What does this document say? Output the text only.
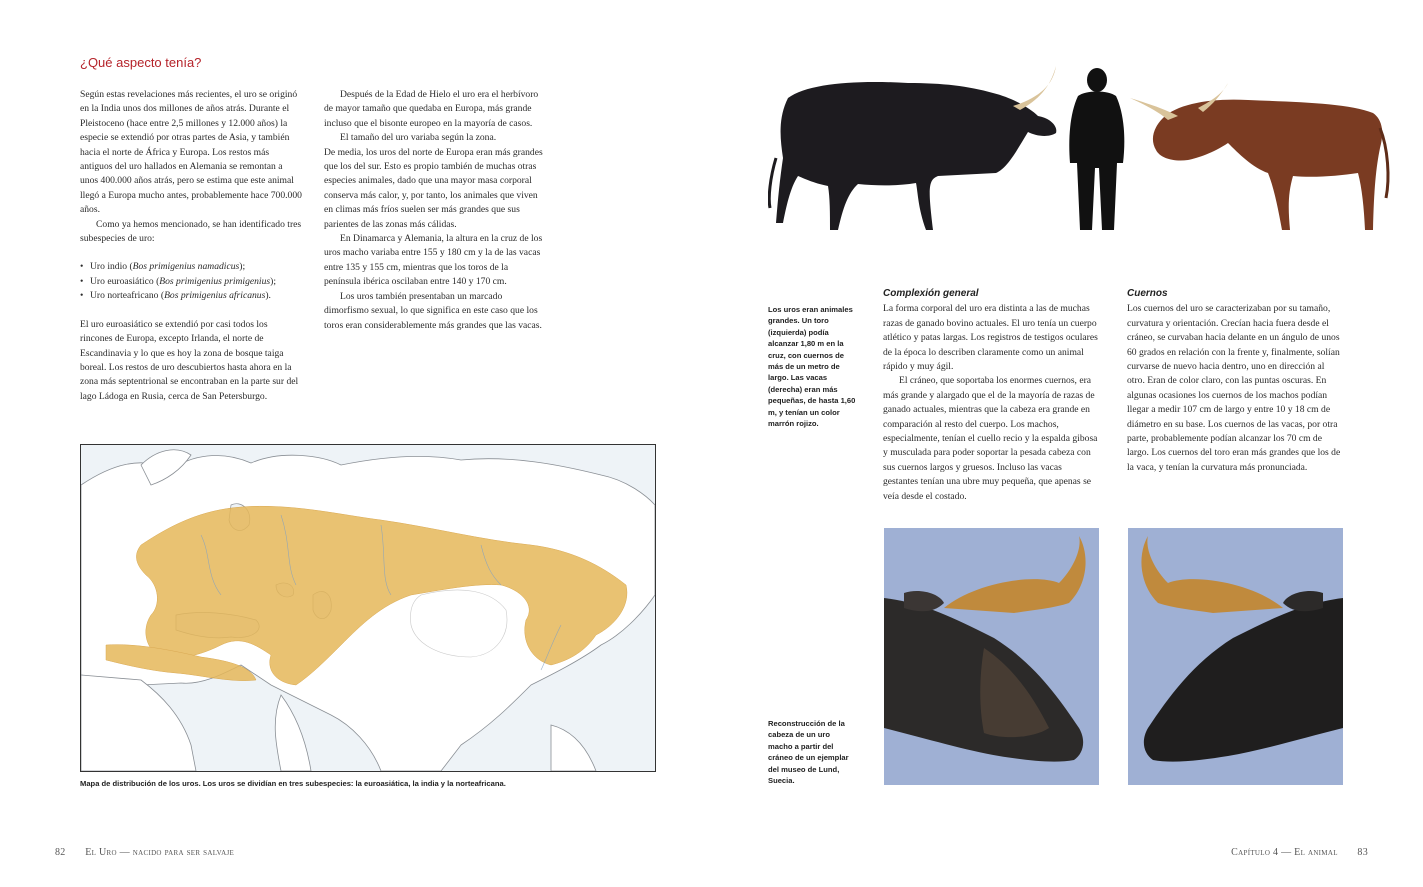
¿Qué aspecto tenía?

Según estas revelaciones más recientes, el uro se originó en la India unos dos millones de años atrás. Durante el Pleistoceno (hace entre 2,5 millones y 12.000 años) la especie se extendió por otras partes de Asia, y también hacia el norte de África y Europa. Los restos más antiguos del uro hallados en Alemania se remontan a unos 400.000 años atrás, pero se estima que este animal llegó a Europa mucho antes, probablemente hace 700.000 años.

Como ya hemos mencionado, se han identificado tres subespecies de uro:

• Uro indio (Bos primigenius namadicus);
• Uro euroasiático (Bos primigenius primigenius);
• Uro norteafricano (Bos primigenius africanus).

El uro euroasiático se extendió por casi todos los rincones de Europa, excepto Irlanda, el norte de Escandinavia y lo que es hoy la zona de bosque taiga boreal. Los restos de uro descubiertos hasta ahora en la zona más septentrional se encontraban en la parte sur del lago Ládoga en Rusia, cerca de San Petersburgo.

Después de la Edad de Hielo el uro era el herbívoro de mayor tamaño que quedaba en Europa, más grande incluso que el bisonte europeo en la mayoría de casos.

El tamaño del uro variaba según la zona.

De media, los uros del norte de Europa eran más grandes que los del sur. Esto es propio también de muchas otras especies animales, dado que una mayor masa corporal conserva más calor, y, por tanto, los animales que viven en climas más fríos suelen ser más grandes que sus parientes de las zonas más cálidas.

En Dinamarca y Alemania, la altura en la cruz de los uros macho variaba entre 155 y 180 cm y la de las vacas entre 135 y 155 cm, mientras que los toros de la península ibérica oscilaban entre 140 y 170 cm.

Los uros también presentaban un marcado dimorfismo sexual, lo que significa en este caso que los toros eran considerablemente más grandes que las vacas.

Mapa de distribución de los uros. Los uros se dividían en tres subespecies: la euroasiática, la india y la norteafricana.
82 El Uro — nacido para ser salvaje
Los uros eran animales grandes. Un toro (izquierda) podía alcanzar 1,80 m en la cruz, con cuernos de más de un metro de largo. Las vacas (derecha) eran más pequeñas, de hasta 1,60 m, y tenían un color marrón rojizo.
Complexión general

La forma corporal del uro era distinta a las de muchas razas de ganado bovino actuales. El uro tenía un cuerpo atlético y patas largas. Los registros de testigos oculares de la época lo describen claramente como un animal rápido y muy ágil.

El cráneo, que soportaba los enormes cuernos, era más grande y alargado que el de la mayoría de razas de ganado actuales, mientras que la cabeza era grande en comparación al resto del cuerpo. Los machos, especialmente, tenían el cuello recio y la espalda gibosa y musculada para poder soportar la pesada cabeza con sus cuernos largos y gruesos. Incluso las vacas gestantes tenían una ubre muy pequeña, que apenas se veía desde el costado.

Cuernos

Los cuernos del uro se caracterizaban por su tamaño, curvatura y orientación. Crecían hacia fuera desde el cráneo, se curvaban hacia delante en un ángulo de unos 60 grados en relación con la frente y, finalmente, solían curvarse de nuevo hacia dentro, uno en dirección al otro. Eran de color claro, con las puntas oscuras. En algunas ocasiones los cuernos de los machos podían llegar a medir 107 cm de largo y entre 10 y 18 cm de diámetro en su base. Los cuernos de las vacas, por otra parte, probablemente podían alcanzar los 70 cm de largo. Los cuernos del toro eran más grandes que los de la vaca, y tenían la curvatura más pronunciada.

Reconstrucción de la cabeza de un uro macho a partir del cráneo de un ejemplar del museo de Lund, Suecia.
Capítulo 4 — El animal 83
